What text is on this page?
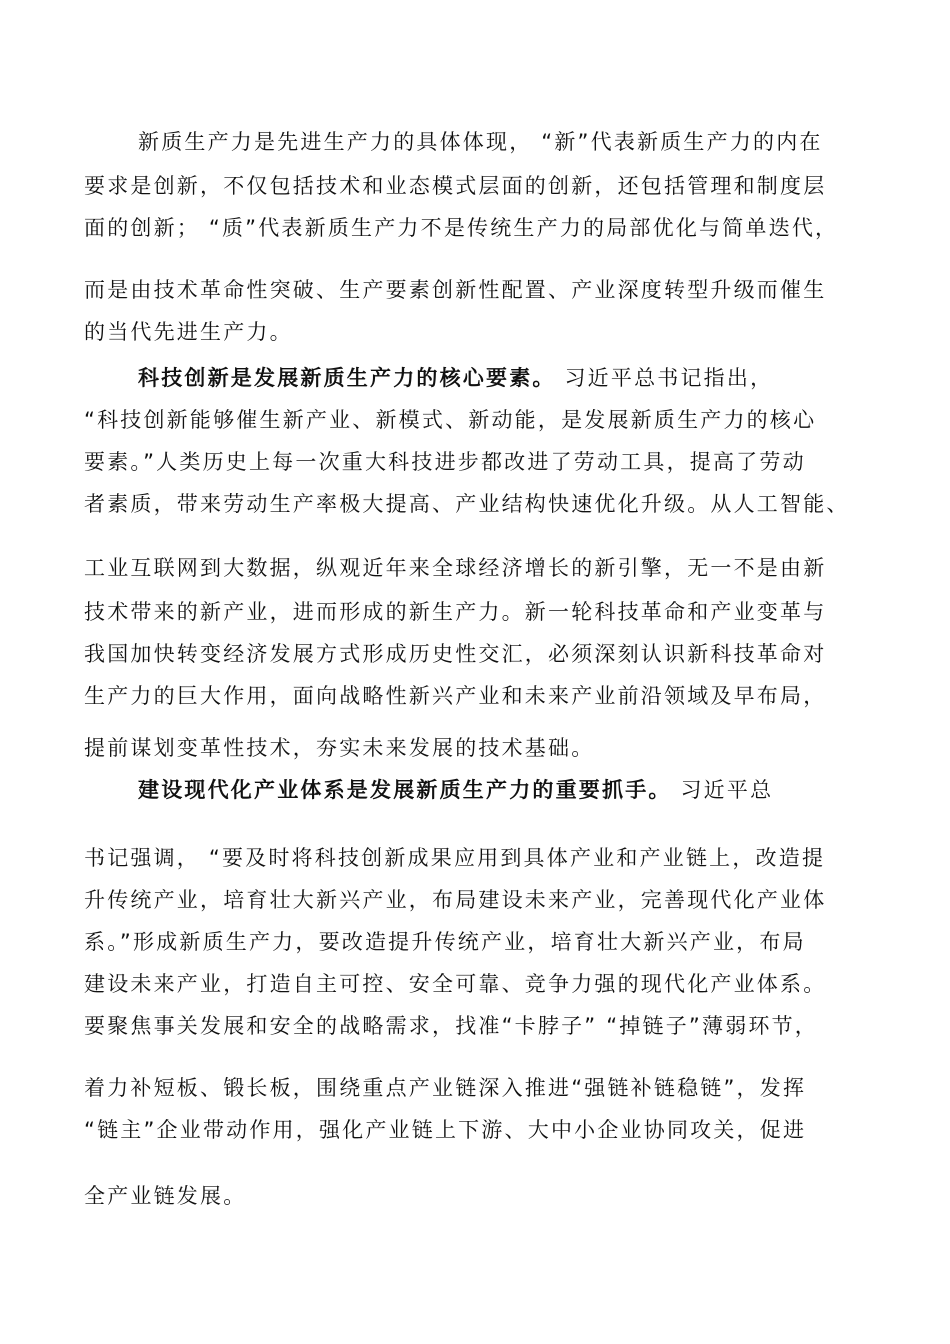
新质生产力是先进生产力的具体体现， “新”代表新质生产力的内在
要求是创新，不仅包括技术和业态模式层面的创新，还包括管理和制度层
面的创新； “质”代表新质生产力不是传统生产力的局部优化与简单迭代，
而是由技术革命性突破、生产要素创新性配置、产业深度转型升级而催生
的当代先进生产力。
科技创新是发展新质生产力的核心要素。 习近平总书记指出，
“科技创新能够催生新产业、新模式、新动能，是发展新质生产力的核心
要素。”人类历史上每一次重大科技进步都改进了劳动工具，提高了劳动
者素质，带来劳动生产率极大提高、产业结构快速优化升级。从人工智能、
工业互联网到大数据，纵观近年来全球经济增长的新引擎，无一不是由新
技术带来的新产业，进而形成的新生产力。新一轮科技革命和产业变革与
我国加快转变经济发展方式形成历史性交汇，必须深刻认识新科技革命对
生产力的巨大作用，面向战略性新兴产业和未来产业前沿领域及早布局，
提前谋划变革性技术，夯实未来发展的技术基础。
建设现代化产业体系是发展新质生产力的重要抓手。 习近平总
书记强调， “要及时将科技创新成果应用到具体产业和产业链上，改造提
升传统产业，培育壮大新兴产业，布局建设未来产业，完善现代化产业体
系。”形成新质生产力，要改造提升传统产业，培育壮大新兴产业，布局
建设未来产业，打造自主可控、安全可靠、竞争力强的现代化产业体系。
要聚焦事关发展和安全的战略需求，找准“卡脖子” “掉链子”薄弱环节，
着力补短板、锻长板，围绕重点产业链深入推进“强链补链稳链”，发挥
“链主”企业带动作用，强化产业链上下游、大中小企业协同攻关，促进
全产业链发展。
